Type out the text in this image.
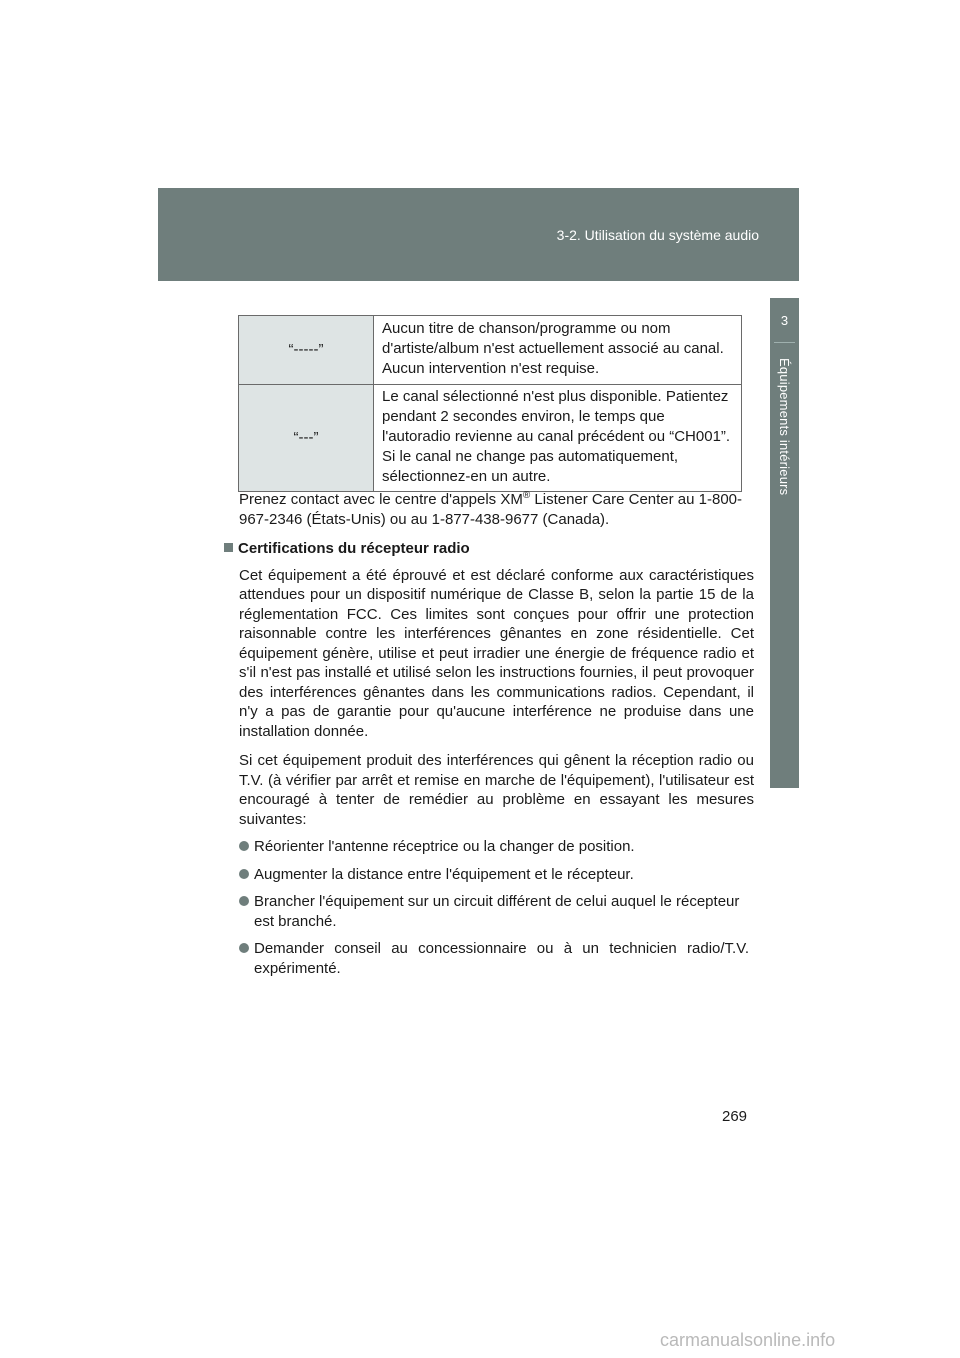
3-2. Utilisation du système audio
3
Équipements intérieurs
“-----”	Aucun titre de chanson/programme ou nom d'artiste/album n'est actuellement associé au canal. Aucun intervention n'est requise.
“---”	Le canal sélectionné n'est plus disponible. Patientez pendant 2 secondes environ, le temps que l'autoradio revienne au canal précédent ou “CH001”. Si le canal ne change pas automatiquement, sélectionnez-en un autre.

Prenez contact avec le centre d'appels XM® Listener Care Center au 1-800-967-2346 (États-Unis) ou au 1-877-438-9677 (Canada).

Certifications du récepteur radio

Cet équipement a été éprouvé et est déclaré conforme aux caractéristiques attendues pour un dispositif numérique de Classe B, selon la partie 15 de la réglementation FCC. Ces limites sont conçues pour offrir une protection raisonnable contre les interférences gênantes en zone résidentielle. Cet équipement génère, utilise et peut irradier une énergie de fréquence radio et s'il n'est pas installé et utilisé selon les instructions fournies, il peut provoquer des interférences gênantes dans les communications radios. Cependant, il n'y a pas de garantie pour qu'aucune interférence ne produise dans une installation donnée.

Si cet équipement produit des interférences qui gênent la réception radio ou T.V. (à vérifier par arrêt et remise en marche de l'équipement), l'utilisateur est encouragé à tenter de remédier au problème en essayant les mesures suivantes:

Réorienter l'antenne réceptrice ou la changer de position.
Augmenter la distance entre l'équipement et le récepteur.
Brancher l'équipement sur un circuit différent de celui auquel le récepteur est branché.
Demander conseil au concessionnaire ou à un technicien radio/T.V. expérimenté.
269
carmanualsonline.info
